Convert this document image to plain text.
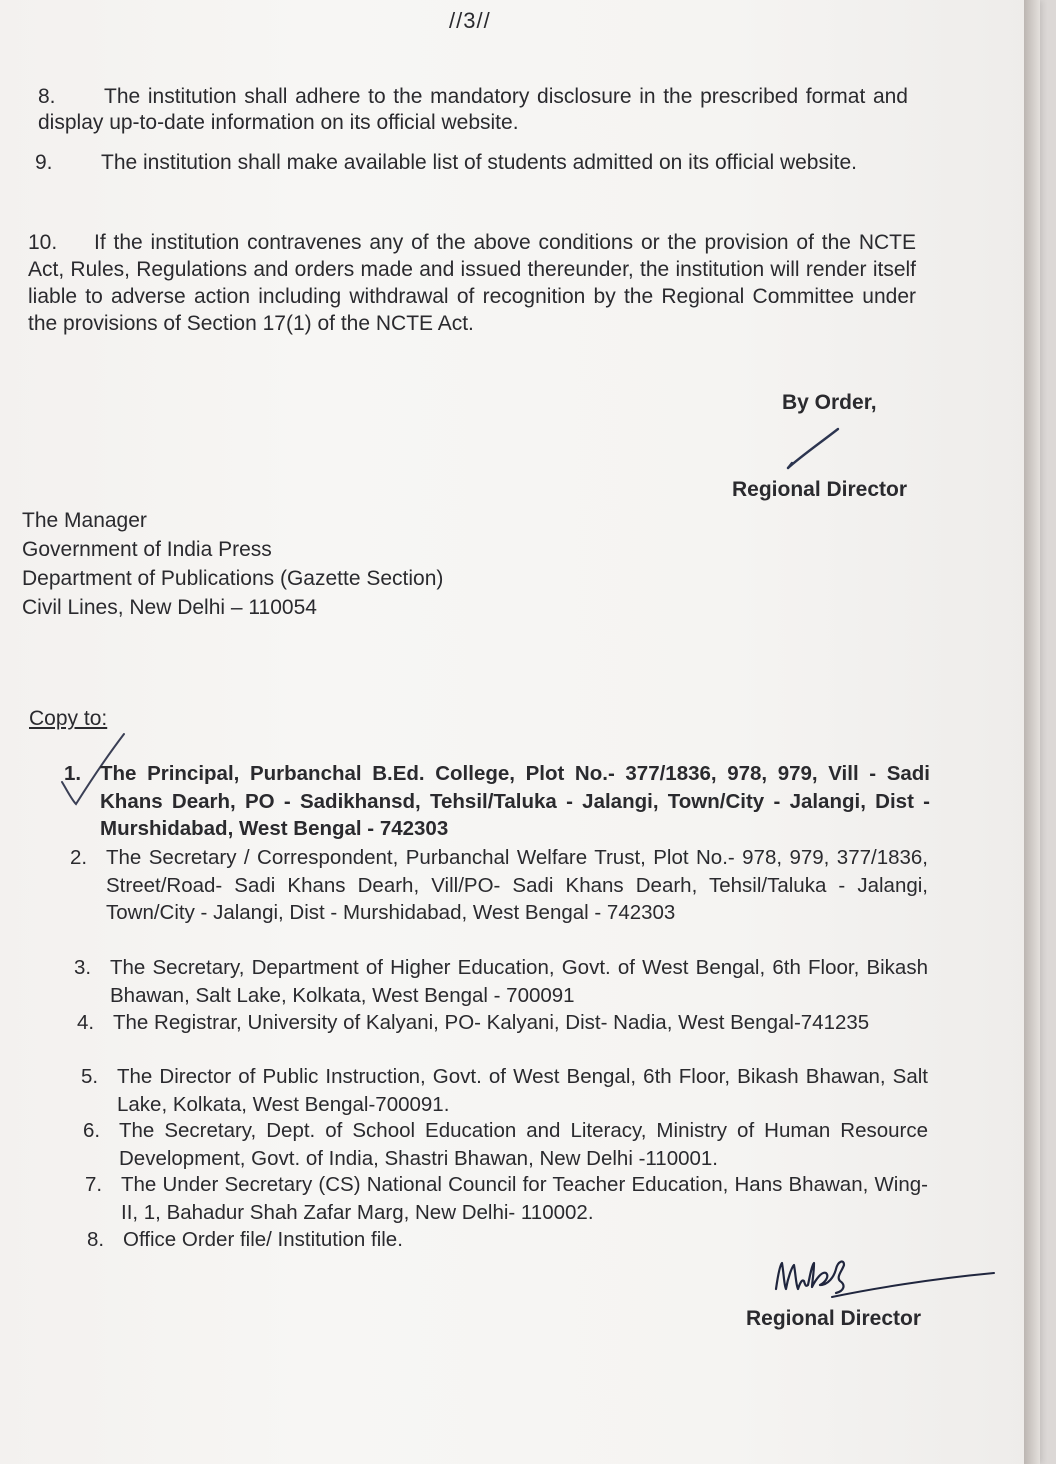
//3//
8. The institution shall adhere to the mandatory disclosure in the prescribed format and display up-to-date information on its official website.
9. The institution shall make available list of students admitted on its official website.
10. If the institution contravenes any of the above conditions or the provision of the NCTE Act, Rules, Regulations and orders made and issued thereunder, the institution will render itself liable to adverse action including withdrawal of recognition by the Regional Committee under the provisions of Section 17(1) of the NCTE Act.
By Order,
Regional Director
The Manager
Government of India Press
Department of Publications (Gazette Section)
Civil Lines, New Delhi – 110054
Copy to:
1. The Principal, Purbanchal B.Ed. College, Plot No.- 377/1836, 978, 979, Vill - Sadi Khans Dearh, PO - Sadikhansd, Tehsil/Taluka - Jalangi, Town/City - Jalangi, Dist - Murshidabad, West Bengal - 742303
2. The Secretary / Correspondent, Purbanchal Welfare Trust, Plot No.- 978, 979, 377/1836, Street/Road- Sadi Khans Dearh, Vill/PO- Sadi Khans Dearh, Tehsil/Taluka - Jalangi, Town/City - Jalangi, Dist - Murshidabad, West Bengal - 742303
3. The Secretary, Department of Higher Education, Govt. of West Bengal, 6th Floor, Bikash Bhawan, Salt Lake, Kolkata, West Bengal - 700091
4. The Registrar, University of Kalyani, PO- Kalyani, Dist- Nadia, West Bengal-741235
5. The Director of Public Instruction, Govt. of West Bengal, 6th Floor, Bikash Bhawan, Salt Lake, Kolkata, West Bengal-700091.
6. The Secretary, Dept. of School Education and Literacy, Ministry of Human Resource Development, Govt. of India, Shastri Bhawan, New Delhi -110001.
7. The Under Secretary (CS) National Council for Teacher Education, Hans Bhawan, Wing-II, 1, Bahadur Shah Zafar Marg, New Delhi- 110002.
8. Office Order file/ Institution file.
Regional Director
